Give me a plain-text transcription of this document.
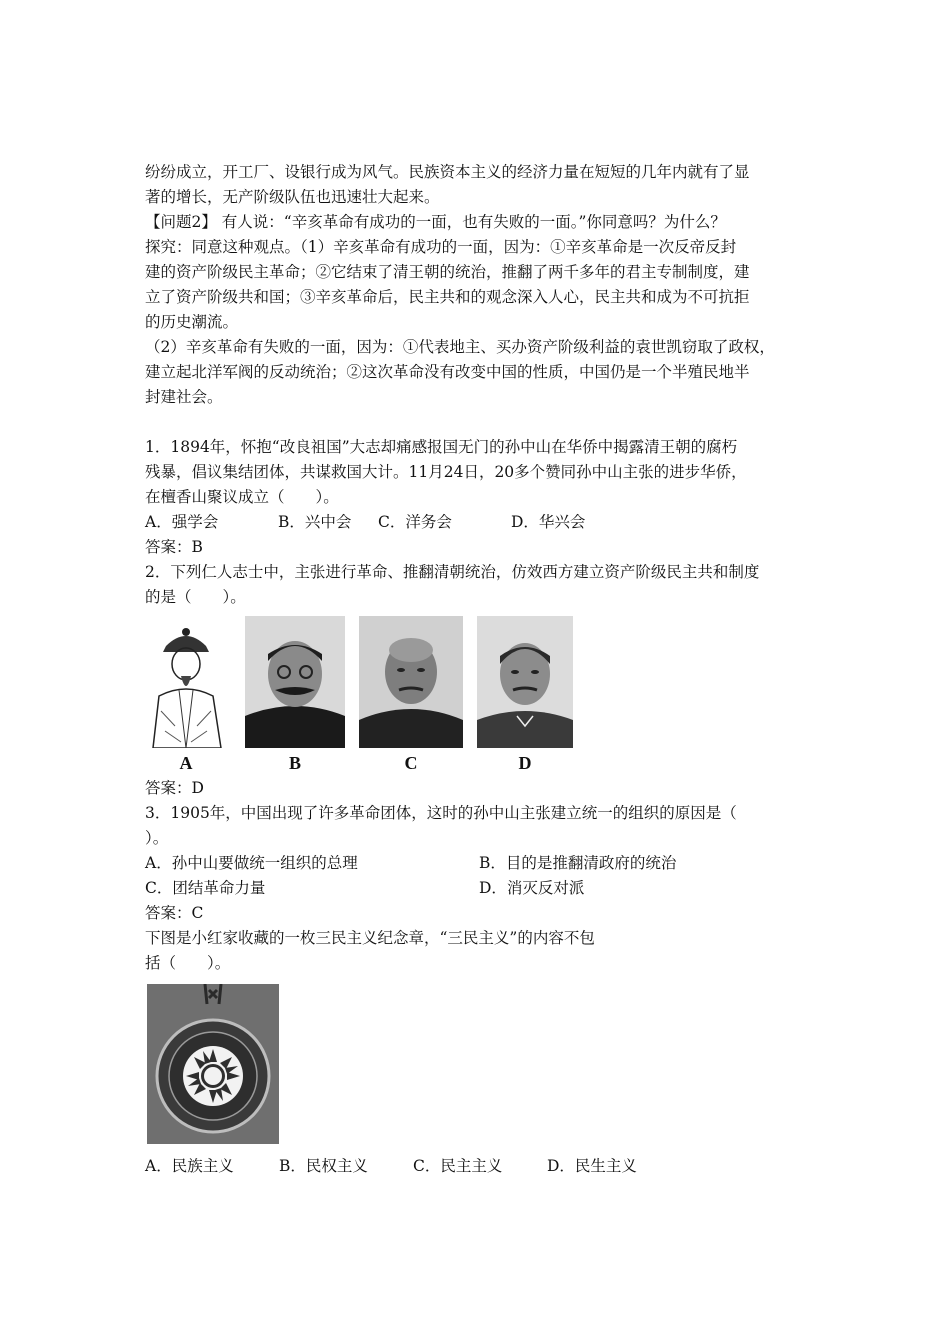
纷纷成立，开工厂、设银行成为风气。民族资本主义的经济力量在短短的几年内就有了显
著的增长，无产阶级队伍也迅速壮大起来。
【问题2】 有人说：“辛亥革命有成功的一面，也有失败的一面。”你同意吗？为什么？
探究：同意这种观点。（1）辛亥革命有成功的一面，因为：①辛亥革命是一次反帝反封
建的资产阶级民主革命；②它结束了清王朝的统治，推翻了两千多年的君主专制制度，建
立了资产阶级共和国；③辛亥革命后，民主共和的观念深入人心，民主共和成为不可抗拒
的历史潮流。
（2）辛亥革命有失败的一面，因为：①代表地主、买办资产阶级利益的袁世凯窃取了政权，
建立起北洋军阀的反动统治；②这次革命没有改变中国的性质，中国仍是一个半殖民地半
封建社会。
1．1894年，怀抱“改良祖国”大志却痛感报国无门的孙中山在华侨中揭露清王朝的腐朽
残暴，倡议集结团体，共谋救国大计。11月24日，20多个赞同孙中山主张的进步华侨，
在檀香山聚议成立（　　）。
A．强学会	B．兴中会	C．洋务会	D．华兴会
答案：B
2．下列仁人志士中，主张进行革命、推翻清朝统治，仿效西方建立资产阶级民主共和制度
的是（　　）。
A	B	C	D
答案：D
3．1905年，中国出现了许多革命团体，这时的孙中山主张建立统一的组织的原因是（
）。
A．孙中山要做统一组织的总理	B．目的是推翻清政府的统治
C．团结革命力量	D．消灭反对派
答案：C
下图是小红家收藏的一枚三民主义纪念章，“三民主义”的内容不包
括（　　）。
A．民族主义	B．民权主义	C．民主主义	D．民生主义
